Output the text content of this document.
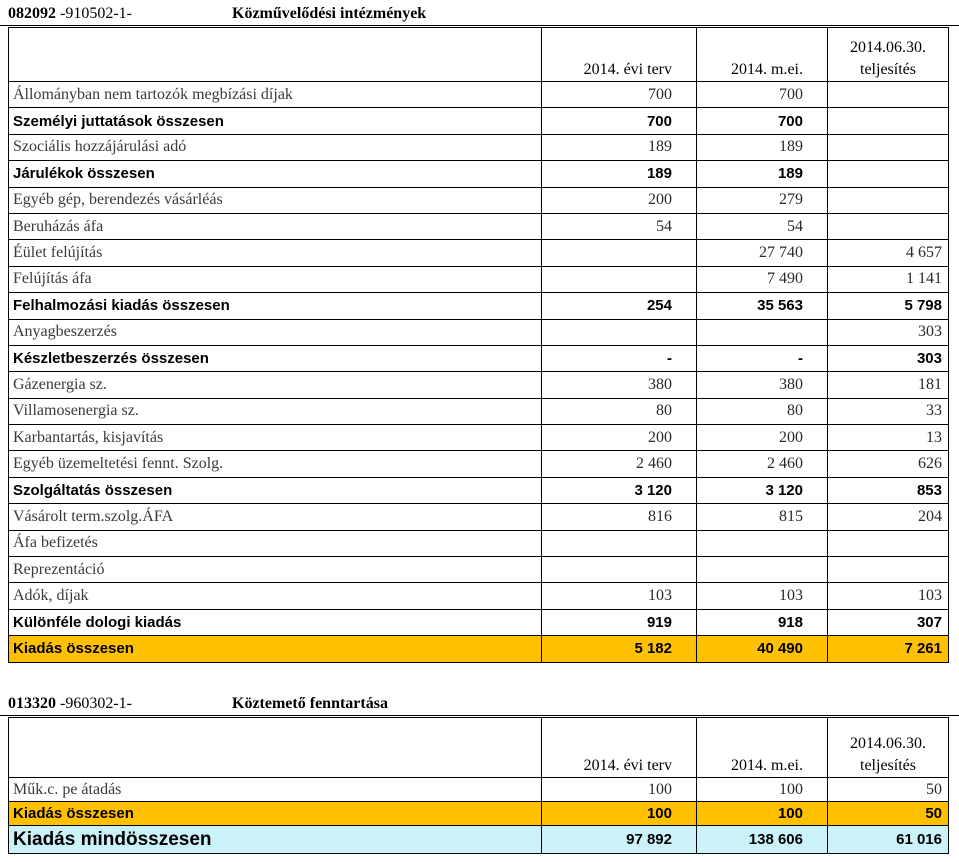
082092 -910502-1-	Közművelődési intézmények
	2014. évi terv	2014. m.ei.	2014.06.30.
teljesítés
Állományban nem tartozók megbízási díjak	700	700	
Személyi juttatások összesen	700	700	
Szociális hozzájárulási adó	189	189	
Járulékok összesen	189	189	
Egyéb gép, berendezés vásárléás	200	279	
Beruházás áfa	54	54	
Éület felújítás		27 740	4 657
Felújítás áfa		7 490	1 141
Felhalmozási kiadás összesen	254	35 563	5 798
Anyagbeszerzés			303
Készletbeszerzés összesen	-	-	303
Gázenergia sz.	380	380	181
Villamosenergia sz.	80	80	33
Karbantartás, kisjavítás	200	200	13
Egyéb üzemeltetési fennt. Szolg.	2 460	2 460	626
Szolgáltatás összesen	3 120	3 120	853
Vásárolt term.szolg.ÁFA	816	815	204
Áfa befizetés			
Reprezentáció			
Adók, díjak	103	103	103
Különféle dologi kiadás	919	918	307
Kiadás összesen	5 182	40 490	7 261
013320 -960302-1-	Köztemető fenntartása
	2014. évi terv	2014. m.ei.	2014.06.30.
teljesítés
Műk.c. pe átadás	100	100	50
Kiadás összesen	100	100	50
Kiadás mindösszesen	97 892	138 606	61 016
